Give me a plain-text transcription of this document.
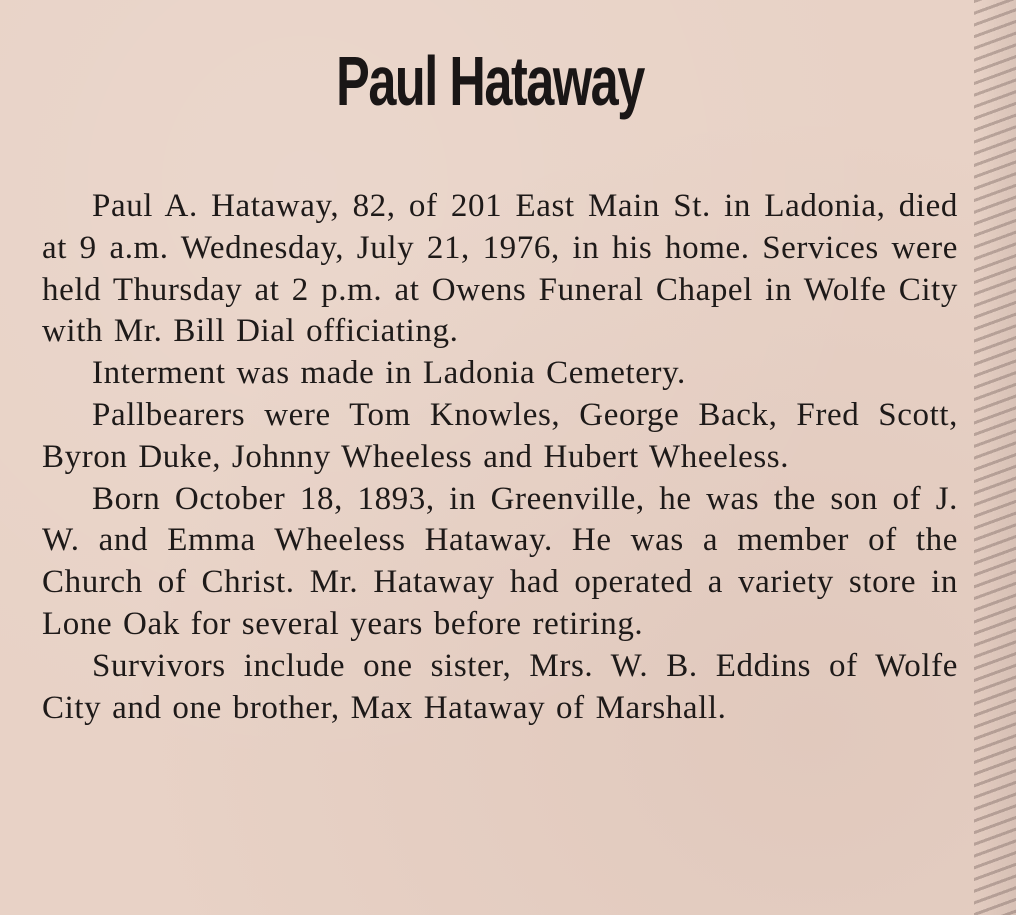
Paul Hataway

Paul A. Hataway, 82, of 201 East Main St. in Ladonia, died at 9 a.m. Wednesday, July 21, 1976, in his home. Services were held Thursday at 2 p.m. at Owens Funeral Chapel in Wolfe City with Mr. Bill Dial officiating.

Interment was made in Ladonia Cemetery.

Pallbearers were Tom Knowles, George Back, Fred Scott, Byron Duke, Johnny Wheeless and Hubert Wheeless.

Born October 18, 1893, in Greenville, he was the son of J. W. and Emma Wheeless Hataway. He was a member of the Church of Christ. Mr. Hataway had operated a variety store in Lone Oak for several years before retiring.

Survivors include one sister, Mrs. W. B. Eddins of Wolfe City and one brother, Max Hataway of Marshall.
